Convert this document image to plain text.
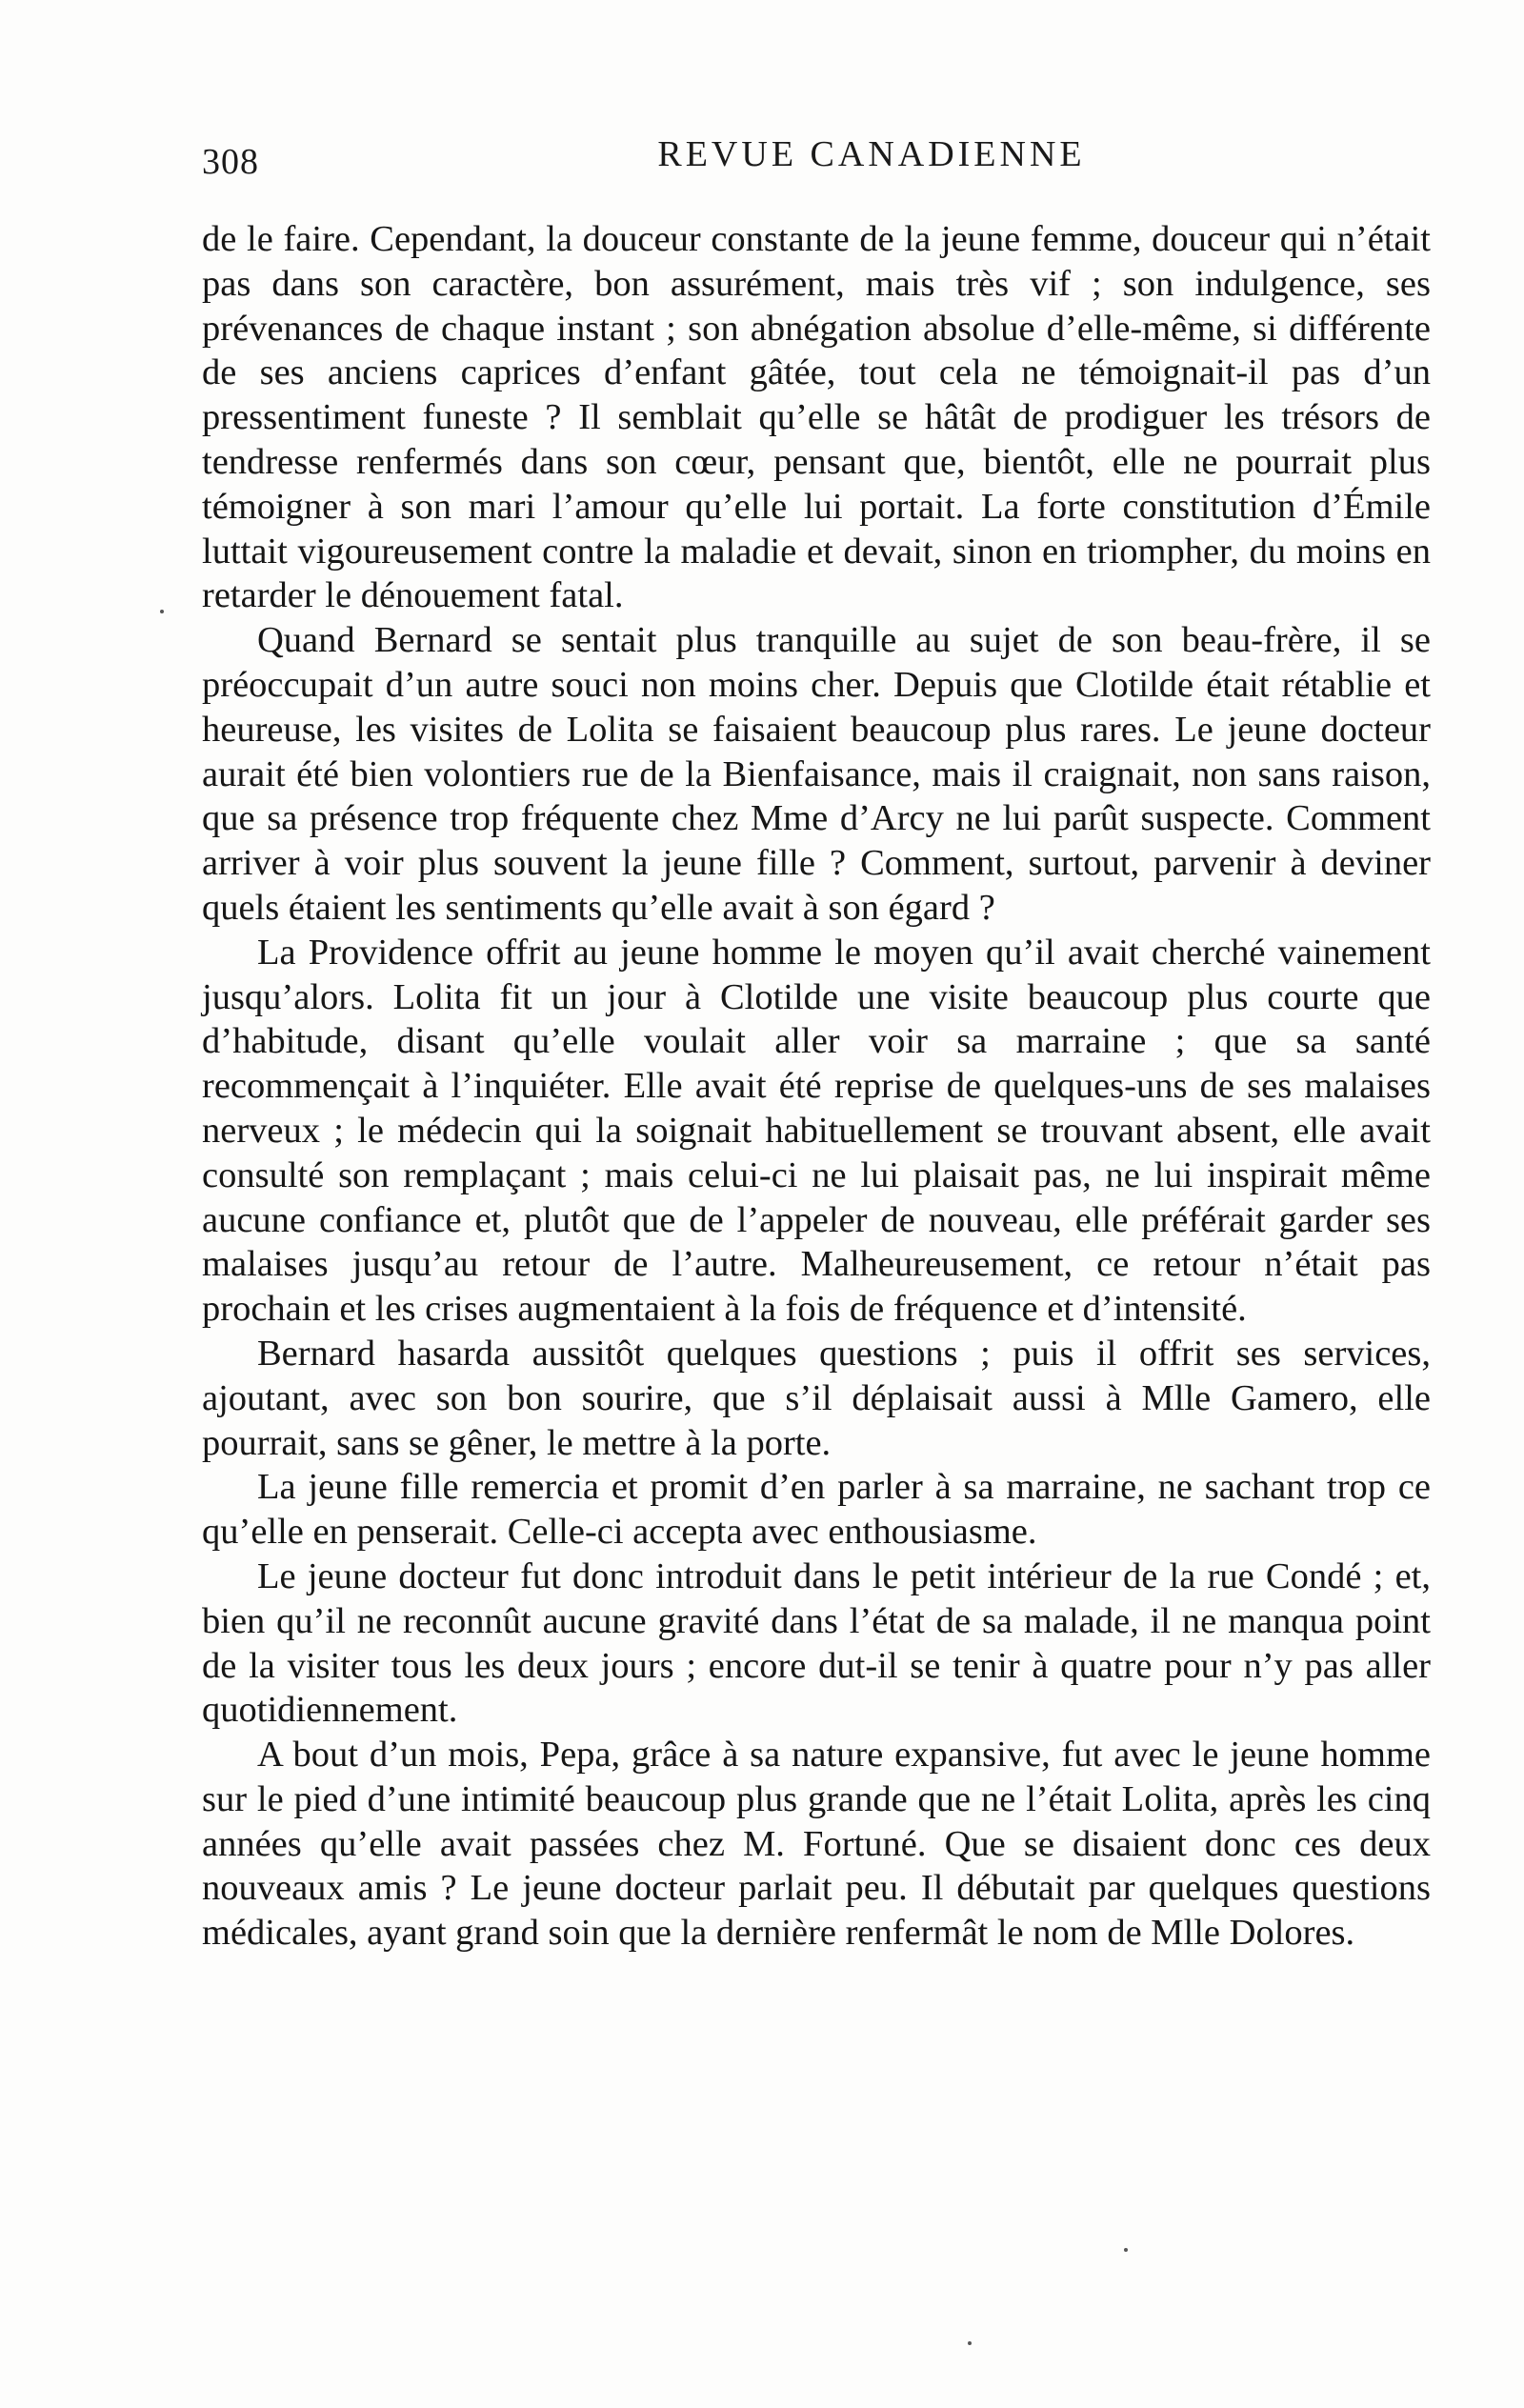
308	REVUE CANADIENNE

de le faire. Cependant, la douceur constante de la jeune femme, douceur qui n’était pas dans son caractère, bon assurément, mais très vif ; son indulgence, ses prévenances de chaque instant ; son abnégation absolue d’elle-même, si différente de ses anciens caprices d’enfant gâtée, tout cela ne témoignait-il pas d’un pressentiment funeste ? Il semblait qu’elle se hâtât de prodiguer les trésors de tendresse renfermés dans son cœur, pensant que, bientôt, elle ne pourrait plus témoigner à son mari l’amour qu’elle lui portait. La forte constitution d’Émile luttait vigoureusement contre la maladie et devait, sinon en triompher, du moins en retarder le dénouement fatal.

Quand Bernard se sentait plus tranquille au sujet de son beau-frère, il se préoccupait d’un autre souci non moins cher. Depuis que Clotilde était rétablie et heureuse, les visites de Lolita se faisaient beaucoup plus rares. Le jeune docteur aurait été bien volontiers rue de la Bienfaisance, mais il craignait, non sans raison, que sa présence trop fréquente chez Mme d’Arcy ne lui parût suspecte. Comment arriver à voir plus souvent la jeune fille ? Comment, surtout, parvenir à deviner quels étaient les sentiments qu’elle avait à son égard ?

La Providence offrit au jeune homme le moyen qu’il avait cherché vainement jusqu’alors. Lolita fit un jour à Clotilde une visite beaucoup plus courte que d’habitude, disant qu’elle voulait aller voir sa marraine ; que sa santé recommençait à l’inquiéter. Elle avait été reprise de quelques-uns de ses malaises nerveux ; le médecin qui la soignait habituellement se trouvant absent, elle avait consulté son remplaçant ; mais celui-ci ne lui plaisait pas, ne lui inspirait même aucune confiance et, plutôt que de l’appeler de nouveau, elle préférait garder ses malaises jusqu’au retour de l’autre. Malheureusement, ce retour n’était pas prochain et les crises augmentaient à la fois de fréquence et d’intensité.

Bernard hasarda aussitôt quelques questions ; puis il offrit ses services, ajoutant, avec son bon sourire, que s’il déplaisait aussi à Mlle Gamero, elle pourrait, sans se gêner, le mettre à la porte.

La jeune fille remercia et promit d’en parler à sa marraine, ne sachant trop ce qu’elle en penserait. Celle-ci accepta avec enthousiasme.

Le jeune docteur fut donc introduit dans le petit intérieur de la rue Condé ; et, bien qu’il ne reconnût aucune gravité dans l’état de sa malade, il ne manqua point de la visiter tous les deux jours ; encore dut-il se tenir à quatre pour n’y pas aller quotidiennement.

A bout d’un mois, Pepa, grâce à sa nature expansive, fut avec le jeune homme sur le pied d’une intimité beaucoup plus grande que ne l’était Lolita, après les cinq années qu’elle avait passées chez M. Fortuné. Que se disaient donc ces deux nouveaux amis ? Le jeune docteur parlait peu. Il débutait par quelques questions médicales, ayant grand soin que la dernière renfermât le nom de Mlle Dolores.
